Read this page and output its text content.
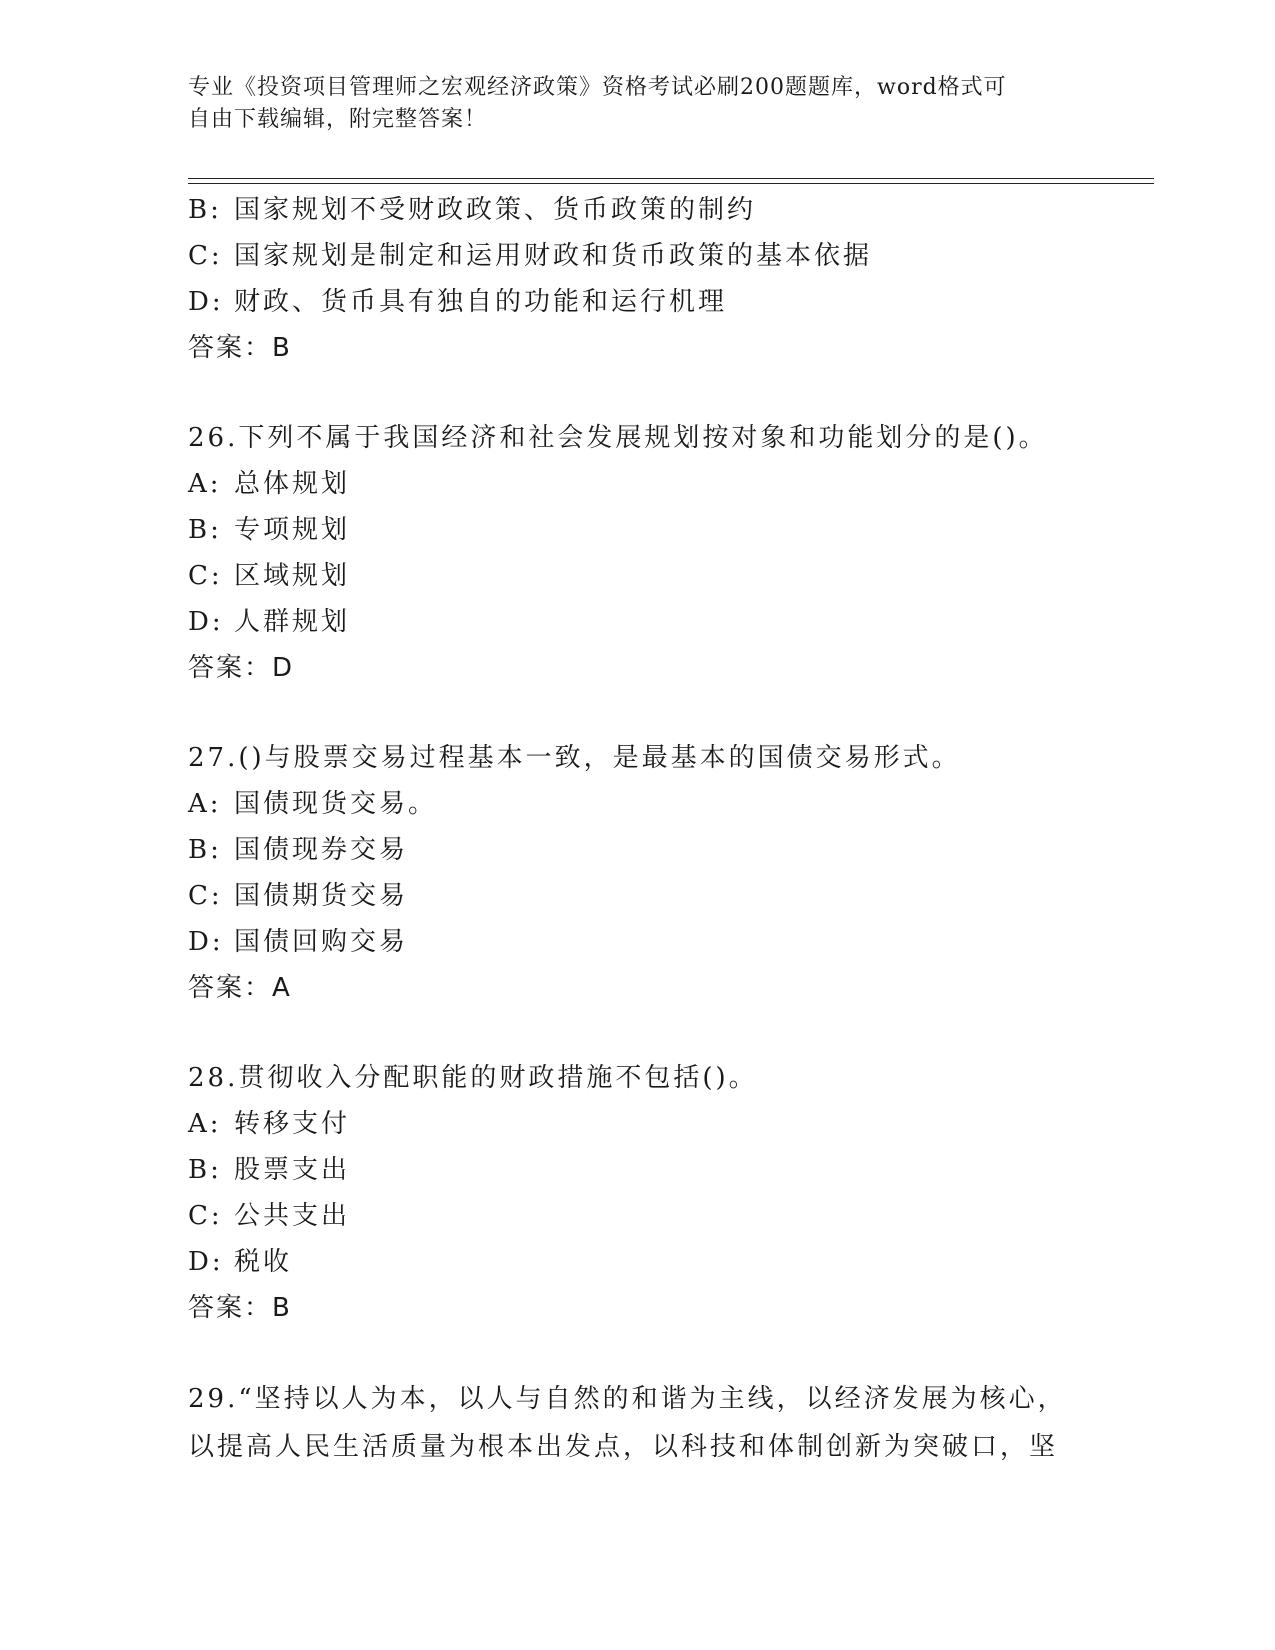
专业《投资项目管理师之宏观经济政策》资格考试必刷200题题库，word格式可
自由下载编辑，附完整答案！
B: 国家规划不受财政政策、货币政策的制约
C: 国家规划是制定和运用财政和货币政策的基本依据
D: 财政、货币具有独自的功能和运行机理
答案：B
26.下列不属于我国经济和社会发展规划按对象和功能划分的是()。
A: 总体规划
B: 专项规划
C: 区域规划
D: 人群规划
答案：D
27.()与股票交易过程基本一致，是最基本的国债交易形式。
A: 国债现货交易。
B: 国债现券交易
C: 国债期货交易
D: 国债回购交易
答案：A
28.贯彻收入分配职能的财政措施不包括()。
A: 转移支付
B: 股票支出
C: 公共支出
D: 税收
答案：B
29.“坚持以人为本，以人与自然的和谐为主线，以经济发展为核心，
以提高人民生活质量为根本出发点，以科技和体制创新为突破口，坚
